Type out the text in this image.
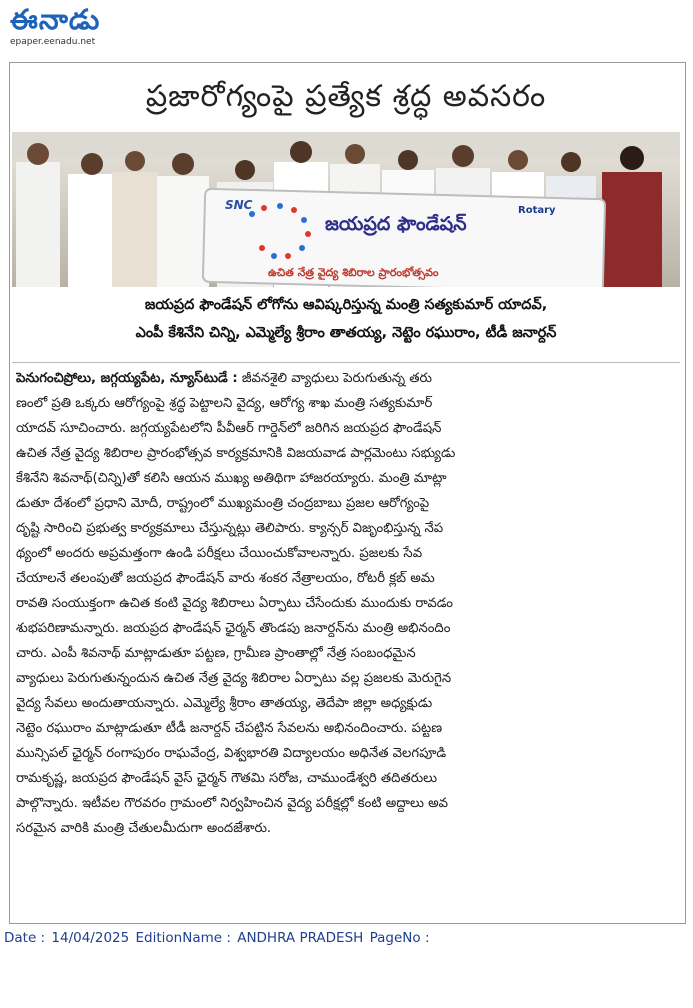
ఈనాడు
epaper.eenadu.net
ప్రజారోగ్యంపై ప్రత్యేక శ్రద్ధ అవసరం
SNC
జయప్రద ఫౌండేషన్
Rotary
ఉచిత నేత్ర వైద్య శిబిరాల ప్రారంభోత్సవం
జయప్రద ఫౌండేషన్ లోగోను ఆవిష్కరిస్తున్న మంత్రి సత్యకుమార్ యాదవ్,
ఎంపీ కేశినేని చిన్ని, ఎమ్మెల్యే శ్రీరాం తాతయ్య, నెట్టెం రఘురాం, టీడీ జనార్దన్
పెనుగంచిప్రోలు, జగ్గయ్యపేట, న్యూస్‌టుడే : జీవనశైలి వ్యాధులు పెరుగుతున్న తరు
ణంలో ప్రతి ఒక్కరు ఆరోగ్యంపై శ్రద్ధ పెట్టాలని వైద్య, ఆరోగ్య శాఖ మంత్రి సత్యకుమార్
యాదవ్ సూచించారు. జగ్గయ్యపేటలోని పీవీఆర్ గార్డెన్‌లో జరిగిన జయప్రద ఫౌండేషన్
ఉచిత నేత్ర వైద్య శిబిరాల ప్రారంభోత్సవ కార్యక్రమానికి విజయవాడ పార్లమెంటు సభ్యుడు
కేశినేని శివనాథ్(చిన్ని)తో కలిసి ఆయన ముఖ్య అతిథిగా హాజరయ్యారు. మంత్రి మాట్లా
డుతూ దేశంలో ప్రధాని మోదీ, రాష్ట్రంలో ముఖ్యమంత్రి చంద్రబాబు ప్రజల ఆరోగ్యంపై
దృష్టి సారించి ప్రభుత్వ కార్యక్రమాలు చేస్తున్నట్లు తెలిపారు. క్యాన్సర్ విజృంభిస్తున్న నేప
థ్యంలో అందరు అప్రమత్తంగా ఉండి పరీక్షలు చేయించుకోవాలన్నారు. ప్రజలకు సేవ
చేయాలనే తలంపుతో జయప్రద ఫౌండేషన్ వారు శంకర నేత్రాలయం, రోటరీ క్లబ్ అమ
రావతి సంయుక్తంగా ఉచిత కంటి వైద్య శిబిరాలు ఏర్పాటు చేసేందుకు ముందుకు రావడం
శుభపరిణామన్నారు. జయప్రద ఫౌండేషన్ ఛైర్మన్ తొండపు జనార్దన్‌ను మంత్రి అభినందిం
చారు. ఎంపీ శివనాథ్ మాట్లాడుతూ పట్టణ, గ్రామీణ ప్రాంతాల్లో నేత్ర సంబంధమైన
వ్యాధులు పెరుగుతున్నందున ఉచిత నేత్ర వైద్య శిబిరాల ఏర్పాటు వల్ల ప్రజలకు మెరుగైన
వైద్య సేవలు అందుతాయన్నారు. ఎమ్మెల్యే శ్రీరాం తాతయ్య, తెదేపా జిల్లా అధ్యక్షుడు
నెట్టెం రఘురాం మాట్లాడుతూ టీడీ జనార్దన్ చేపట్టిన సేవలను అభినందించారు. పట్టణ
మున్సిపల్ ఛైర్మన్ రంగాపురం రాఘవేంద్ర, విశ్వభారతి విద్యాలయం అధినేత వెలగపూడి
రామకృష్ణ, జయప్రద ఫౌండేషన్ వైస్ ఛైర్మన్ గౌతమి సరోజ, చాముండేశ్వరి తదితరులు
పాల్గొన్నారు. ఇటీవల గౌరవరం గ్రామంలో నిర్వహించిన వైద్య పరీక్షల్లో కంటి అద్దాలు అవ
సరమైన వారికి మంత్రి చేతులమీదుగా అందజేశారు.
Date : 14/04/2025 EditionName : ANDHRA PRADESH PageNo :
